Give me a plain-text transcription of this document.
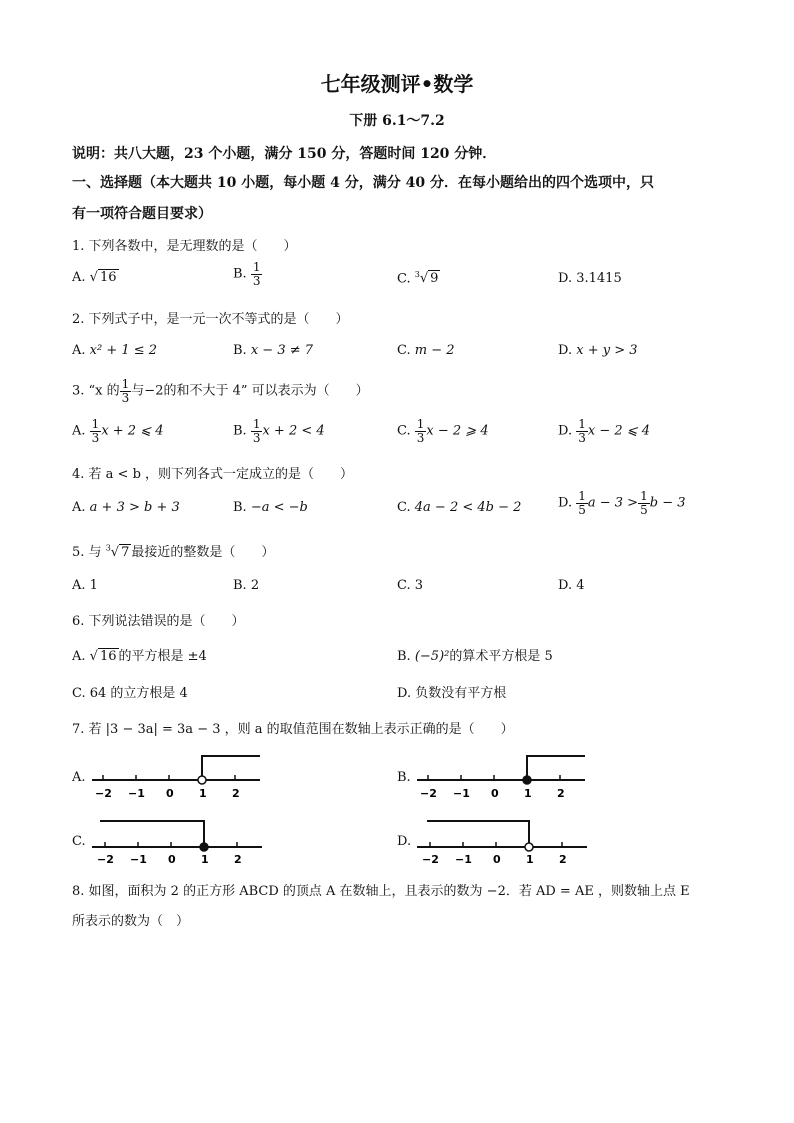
七年级测评•数学
下册 6.1～7.2
说明：共八大题，23 个小题，满分 150 分，答题时间 120 分钟．
一、选择题（本大题共 10 小题，每小题 4 分，满分 40 分．在每小题给出的四个选项中，只
有一项符合题目要求）
1. 下列各数中，是无理数的是（　　）
A. √ 16	B. $\frac{1}{3}$	C. $^3$√ 9	D. 3.1415
2. 下列式子中，是一元一次不等式的是（　　）
A. x² + 1 ≤ 2	B. x − 3 ≠ 7	C. m − 2	D. x + y > 3
3. “x 的 $\frac{1}{3}$ 与−2的和不大于 4” 可以表示为（　　）
A. $\frac{1}{3}$ x + 2 ⩽ 4	B. $\frac{1}{3}$ x + 2 < 4	C. $\frac{1}{3}$ x − 2 ⩾ 4	D. $\frac{1}{3}$ x − 2 ⩽ 4
4. 若 a < b ，则下列各式一定成立的是（　　）
A. a + 3 > b + 3	B. −a < −b	C. 4a − 2 < 4b − 2	D. $\frac{1}{5}$ $a - 3 > \frac{1}{5}$ b − 3
5. 与 $^3$√ 7 最接近的整数是（　　）
A. 1	B. 2	C. 3	D. 4
6. 下列说法错误的是（　　）
A. √ 16 的平方根是 ±4	B. (−5)²的算术平方根是 5
C. 64 的立方根是 4	D. 负数没有平方根
7. 若 |3 − 3a| = 3a − 3 ，则 a 的取值范围在数轴上表示正确的是（　　）
A.	B.
C.	D.
−2 −1 0 1 2	−2 −1 0 1 2
−2 −1 0 1 2	−2 −1 0 1 2
8. 如图，面积为 2 的正方形 ABCD 的顶点 A 在数轴上，且表示的数为 −2．若 AD = AE ，则数轴上点 E
所表示的数为（　）
